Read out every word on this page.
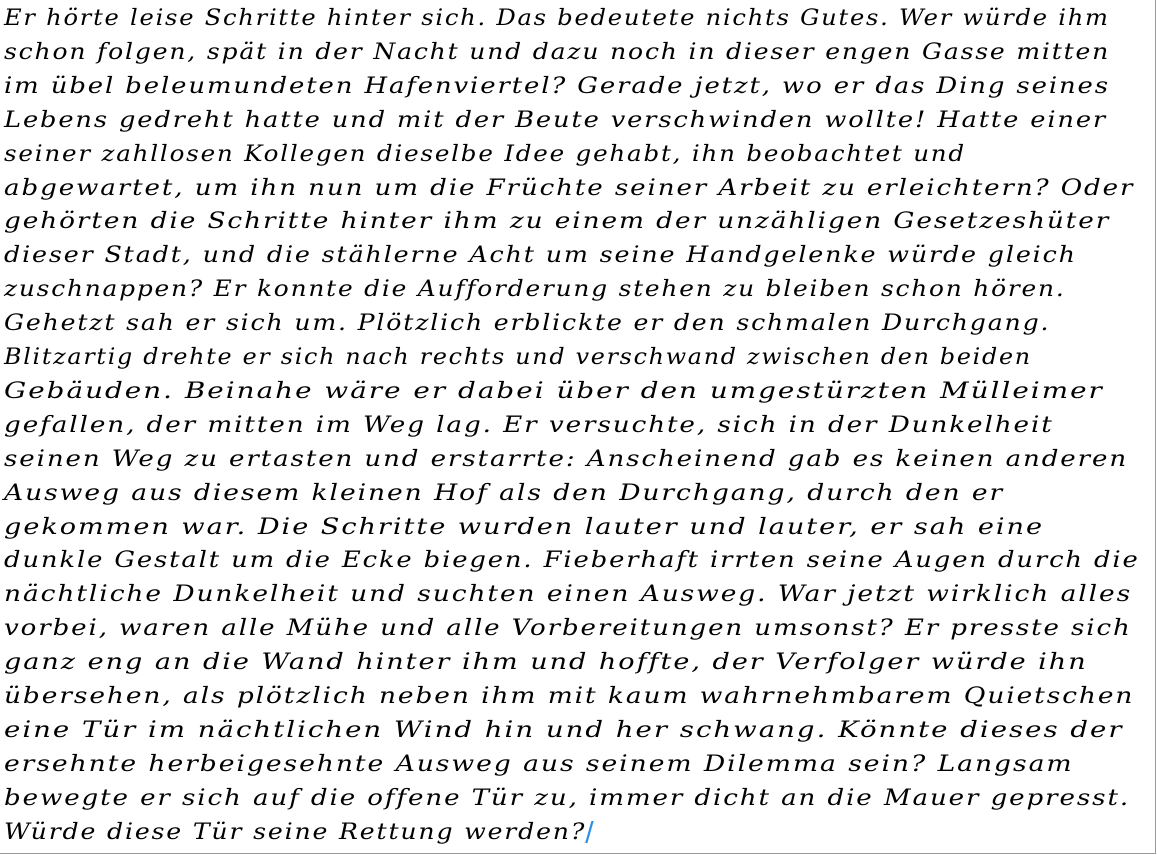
Er hörte leise Schritte hinter sich. Das bedeutete nichts Gutes. Wer würde ihm
schon folgen, spät in der Nacht und dazu noch in dieser engen Gasse mitten
im übel beleumundeten Hafenviertel? Gerade jetzt, wo er das Ding seines
Lebens gedreht hatte und mit der Beute verschwinden wollte! Hatte einer
seiner zahllosen Kollegen dieselbe Idee gehabt, ihn beobachtet und
abgewartet, um ihn nun um die Früchte seiner Arbeit zu erleichtern? Oder
gehörten die Schritte hinter ihm zu einem der unzähligen Gesetzeshüter
dieser Stadt, und die stählerne Acht um seine Handgelenke würde gleich
zuschnappen? Er konnte die Aufforderung stehen zu bleiben schon hören.
Gehetzt sah er sich um. Plötzlich erblickte er den schmalen Durchgang.
Blitzartig drehte er sich nach rechts und verschwand zwischen den beiden
Gebäuden. Beinahe wäre er dabei über den umgestürzten Mülleimer
gefallen, der mitten im Weg lag. Er versuchte, sich in der Dunkelheit
seinen Weg zu ertasten und erstarrte: Anscheinend gab es keinen anderen
Ausweg aus diesem kleinen Hof als den Durchgang, durch den er
gekommen war. Die Schritte wurden lauter und lauter, er sah eine
dunkle Gestalt um die Ecke biegen. Fieberhaft irrten seine Augen durch die
nächtliche Dunkelheit und suchten einen Ausweg. War jetzt wirklich alles
vorbei, waren alle Mühe und alle Vorbereitungen umsonst? Er presste sich
ganz eng an die Wand hinter ihm und hoffte, der Verfolger würde ihn
übersehen, als plötzlich neben ihm mit kaum wahrnehmbarem Quietschen
eine Tür im nächtlichen Wind hin und her schwang. Könnte dieses der
ersehnte herbeigesehnte Ausweg aus seinem Dilemma sein? Langsam
bewegte er sich auf die offene Tür zu, immer dicht an die Mauer gepresst.
Würde diese Tür seine Rettung werden?
